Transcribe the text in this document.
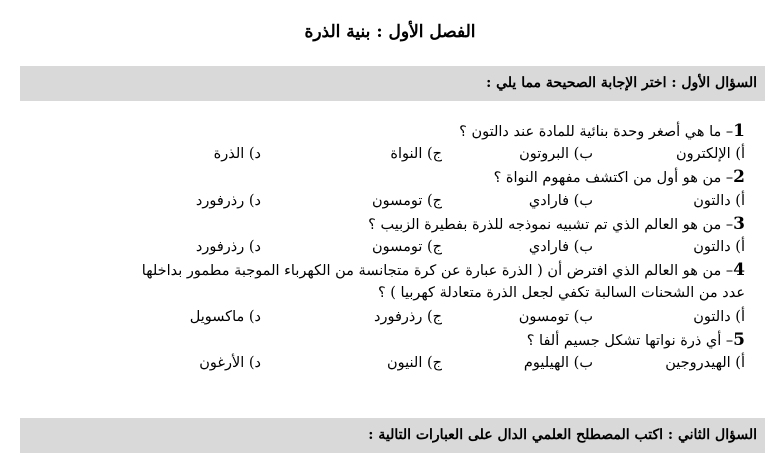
الفصل الأول : بنية الذرة
السؤال الأول : اختر الإجابة الصحيحة مما يلي :
1– ما هي أصغر وحدة بنائية للمادة عند دالتون ؟
أ) الإلكترون
ب) البروتون
ج) النواة
د) الذرة
2– من هو أول من اكتشف مفهوم النواة ؟
أ) دالتون
ب) فارادي
ج) تومسون
د) رذرفورد
3– من هو العالم الذي تم تشبيه نموذجه للذرة بفطيرة الزبيب ؟
أ) دالتون
ب) فارادي
ج) تومسون
د) رذرفورد
4– من هو العالم الذي افترض أن ( الذرة عبارة عن كرة متجانسة من الكهرباء الموجبة مطمور بداخلها
عدد من الشحنات السالبة تكفي لجعل الذرة متعادلة كهربيا ) ؟
أ) دالتون
ب) تومسون
ج) رذرفورد
د) ماكسويل
5– أي ذرة نواتها تشكل جسيم ألفا ؟
أ) الهيدروجين
ب) الهيليوم
ج) النيون
د) الأرغون
السؤال الثاني : اكتب المصطلح العلمي الدال على العبارات التالية :
